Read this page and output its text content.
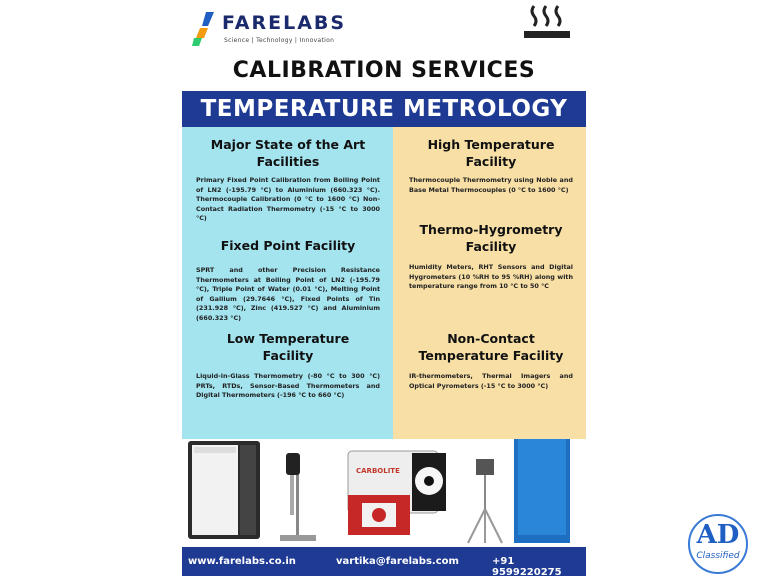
FARELABS
Science | Technology | Innovation
CALIBRATION SERVICES
TEMPERATURE METROLOGY
Major State of the Art Facilities

Primary Fixed Point Calibration from Boiling Point of LN2 (-195.79 °C) to Aluminium (660.323 °C). Thermocouple Calibration (0 °C to 1600 °C) Non-Contact Radiation Thermometry (-15 °C to 3000 °C)

Fixed Point Facility

SPRT and other Precision Resistance Thermometers at Boiling Point of LN2 (-195.79 °C), Triple Point of Water (0.01 °C), Melting Point of Gallium (29.7646 °C), Fixed Points of Tin (231.928 °C), Zinc (419.527 °C) and Aluminium (660.323 °C)

Low Temperature Facility

Liquid-in-Glass Thermometry (-80 °C to 300 °C) PRTs, RTDs, Sensor-Based Thermometers and Digital Thermometers (-196 °C to 660 °C)

High Temperature Facility

Thermocouple Thermometry using Noble and Base Metal Thermocouples (0 °C to 1600 °C)

Thermo-Hygrometry Facility

Humidity Meters, RHT Sensors and Digital Hygrometers (10 %RH to 95 %RH) along with temperature range from 10 °C to 50 °C

Non-Contact Temperature Facility

IR-thermometers, Thermal Imagers and Optical Pyrometers (-15 °C to 3000 °C)

CARBOLITE
www.farelabs.co.in	vartika@farelabs.com	+91 9599220275
AD
Classified
